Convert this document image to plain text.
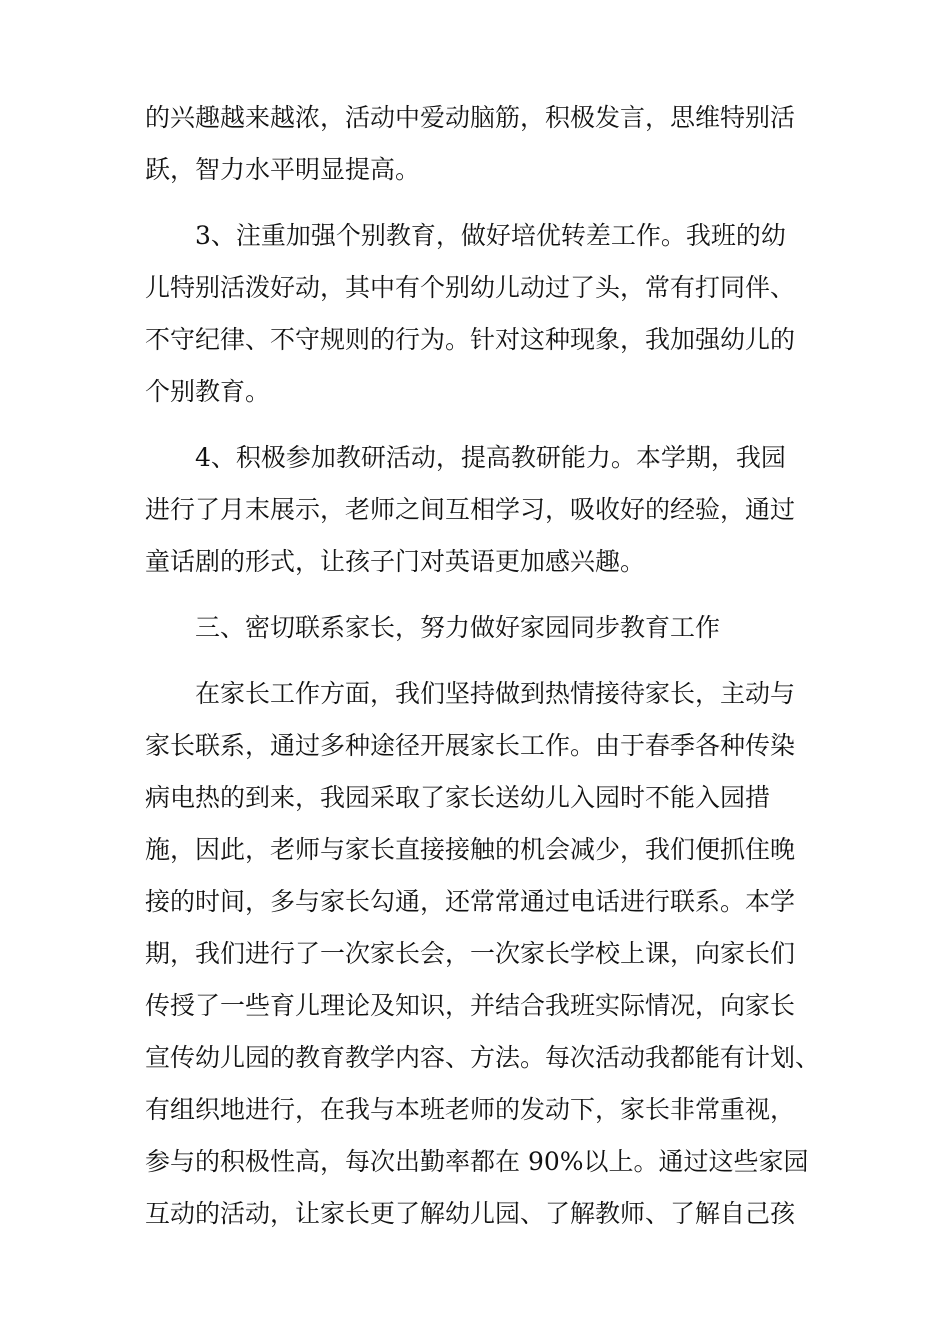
的兴趣越来越浓，活动中爱动脑筋，积极发言，思维特别活
跃，智力水平明显提高。

3、注重加强个别教育，做好培优转差工作。我班的幼
儿特别活泼好动，其中有个别幼儿动过了头，常有打同伴、
不守纪律、不守规则的行为。针对这种现象，我加强幼儿的
个别教育。

4、积极参加教研活动，提高教研能力。本学期，我园
进行了月末展示，老师之间互相学习，吸收好的经验，通过
童话剧的形式，让孩子门对英语更加感兴趣。

三、密切联系家长，努力做好家园同步教育工作

在家长工作方面，我们坚持做到热情接待家长，主动与
家长联系，通过多种途径开展家长工作。由于春季各种传染
病电热的到来，我园采取了家长送幼儿入园时不能入园措
施，因此，老师与家长直接接触的机会减少，我们便抓住晚
接的时间，多与家长勾通，还常常通过电话进行联系。本学
期，我们进行了一次家长会，一次家长学校上课，向家长们
传授了一些育儿理论及知识，并结合我班实际情况，向家长
宣传幼儿园的教育教学内容、方法。每次活动我都能有计划、
有组织地进行，在我与本班老师的发动下，家长非常重视，
参与的积极性高，每次出勤率都在 90%以上。通过这些家园
互动的活动，让家长更了解幼儿园、了解教师、了解自己孩
